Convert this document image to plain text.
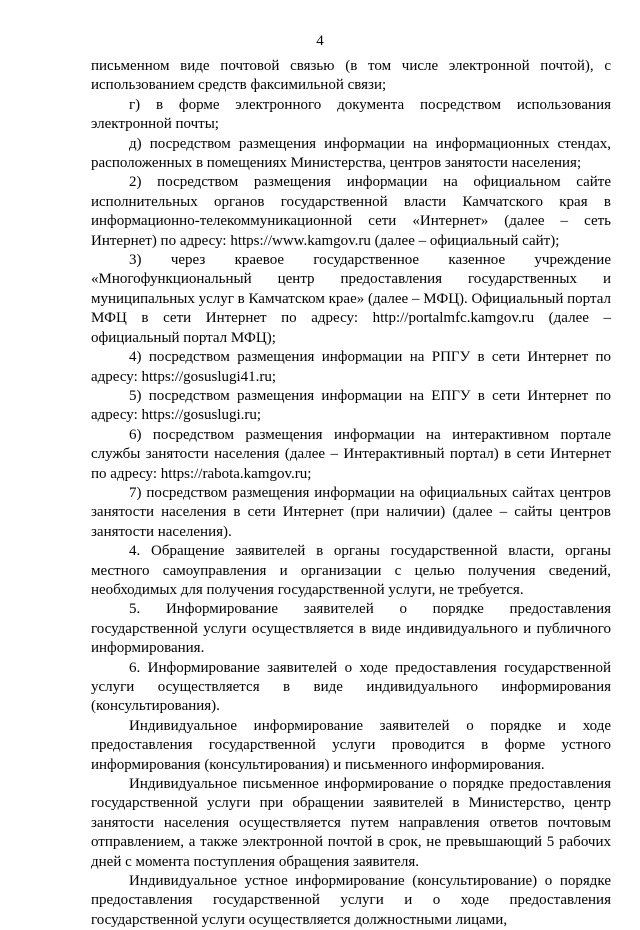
4

письменном виде почтовой связью (в том числе электронной почтой), с использованием средств факсимильной связи;

г) в форме электронного документа посредством использования электронной почты;

д) посредством размещения информации на информационных стендах, расположенных в помещениях Министерства, центров занятости населения;

2) посредством размещения информации на официальном сайте исполнительных органов государственной власти Камчатского края в информационно-телекоммуникационной сети «Интернет» (далее – сеть Интернет) по адресу: https://www.kamgov.ru (далее – официальный сайт);

3) через краевое государственное казенное учреждение «Многофункциональный центр предоставления государственных и муниципальных услуг в Камчатском крае» (далее – МФЦ). Официальный портал МФЦ в сети Интернет по адресу: http://portalmfc.kamgov.ru (далее – официальный портал МФЦ);

4) посредством размещения информации на РПГУ в сети Интернет по адресу: https://gosuslugi41.ru;

5) посредством размещения информации на ЕПГУ в сети Интернет по адресу: https://gosuslugi.ru;

6) посредством размещения информации на интерактивном портале службы занятости населения (далее – Интерактивный портал) в сети Интернет по адресу: https://rabota.kamgov.ru;

7) посредством размещения информации на официальных сайтах центров занятости населения в сети Интернет (при наличии) (далее – сайты центров занятости населения).

4. Обращение заявителей в органы государственной власти, органы местного самоуправления и организации с целью получения сведений, необходимых для получения государственной услуги, не требуется.

5. Информирование заявителей о порядке предоставления государственной услуги осуществляется в виде индивидуального и публичного информирования.

6. Информирование заявителей о ходе предоставления государственной услуги осуществляется в виде индивидуального информирования (консультирования).

Индивидуальное информирование заявителей о порядке и ходе предоставления государственной услуги проводится в форме устного информирования (консультирования) и письменного информирования.

Индивидуальное письменное информирование о порядке предоставления государственной услуги при обращении заявителей в Министерство, центр занятости населения осуществляется путем направления ответов почтовым отправлением, а также электронной почтой в срок, не превышающий 5 рабочих дней с момента поступления обращения заявителя.

Индивидуальное устное информирование (консультирование) о порядке предоставления государственной услуги и о ходе предоставления государственной услуги осуществляется должностными лицами,
